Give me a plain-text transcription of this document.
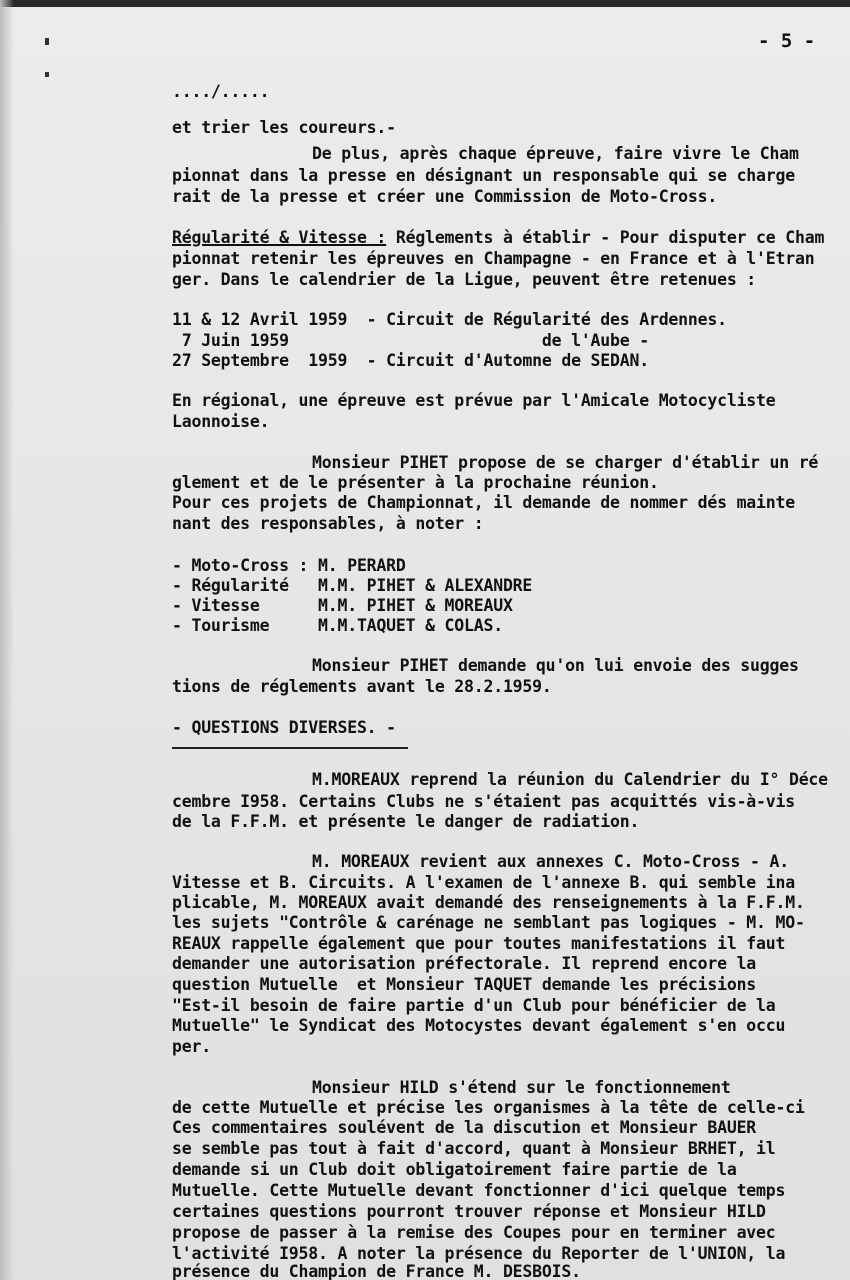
- 5 -
..../.....
et trier les coureurs.-
De plus, après chaque épreuve, faire vivre le Cham
pionnat dans la presse en désignant un responsable qui se charge
rait de la presse et créer une Commission de Moto-Cross.
Régularité & Vitesse : Réglements à établir - Pour disputer ce Cham
pionnat retenir les épreuves en Champagne - en France et à l'Etran
ger. Dans le calendrier de la Ligue, peuvent être retenues :
11 & 12 Avril 1959  - Circuit de Régularité des Ardennes.
7 Juin 1959                          de l'Aube -
27 Septembre  1959  - Circuit d'Automne de SEDAN.
En régional, une épreuve est prévue par l'Amicale Motocycliste
Laonnoise.
Monsieur PIHET propose de se charger d'établir un ré
glement et de le présenter à la prochaine réunion.
Pour ces projets de Championnat, il demande de nommer dés mainte
nant des responsables, à noter :
- Moto-Cross : M. PERARD
- Régularité   M.M. PIHET & ALEXANDRE
- Vitesse      M.M. PIHET & MOREAUX
- Tourisme     M.M.TAQUET & COLAS.
Monsieur PIHET demande qu'on lui envoie des sugges
tions de réglements avant le 28.2.1959.
- QUESTIONS DIVERSES. -
M.MOREAUX reprend la réunion du Calendrier du I° Déce
cembre I958. Certains Clubs ne s'étaient pas acquittés vis-à-vis
de la F.F.M. et présente le danger de radiation.
M. MOREAUX revient aux annexes C. Moto-Cross - A.
Vitesse et B. Circuits. A l'examen de l'annexe B. qui semble ina
plicable, M. MOREAUX avait demandé des renseignements à la F.F.M.
les sujets "Contrôle & carénage ne semblant pas logiques - M. MO-
REAUX rappelle également que pour toutes manifestations il faut
demander une autorisation préfectorale. Il reprend encore la
question Mutuelle  et Monsieur TAQUET demande les précisions
"Est-il besoin de faire partie d'un Club pour bénéficier de la
Mutuelle" le Syndicat des Motocystes devant également s'en occu
per.
Monsieur HILD s'étend sur le fonctionnement
de cette Mutuelle et précise les organismes à la tête de celle-ci
Ces commentaires soulévent de la discution et Monsieur BAUER
se semble pas tout à fait d'accord, quant à Monsieur BRHET, il
demande si un Club doit obligatoirement faire partie de la
Mutuelle. Cette Mutuelle devant fonctionner d'ici quelque temps
certaines questions pourront trouver réponse et Monsieur HILD
propose de passer à la remise des Coupes pour en terminer avec
l'activité I958. A noter la présence du Reporter de l'UNION, la
présence du Champion de France M. DESBOIS.
